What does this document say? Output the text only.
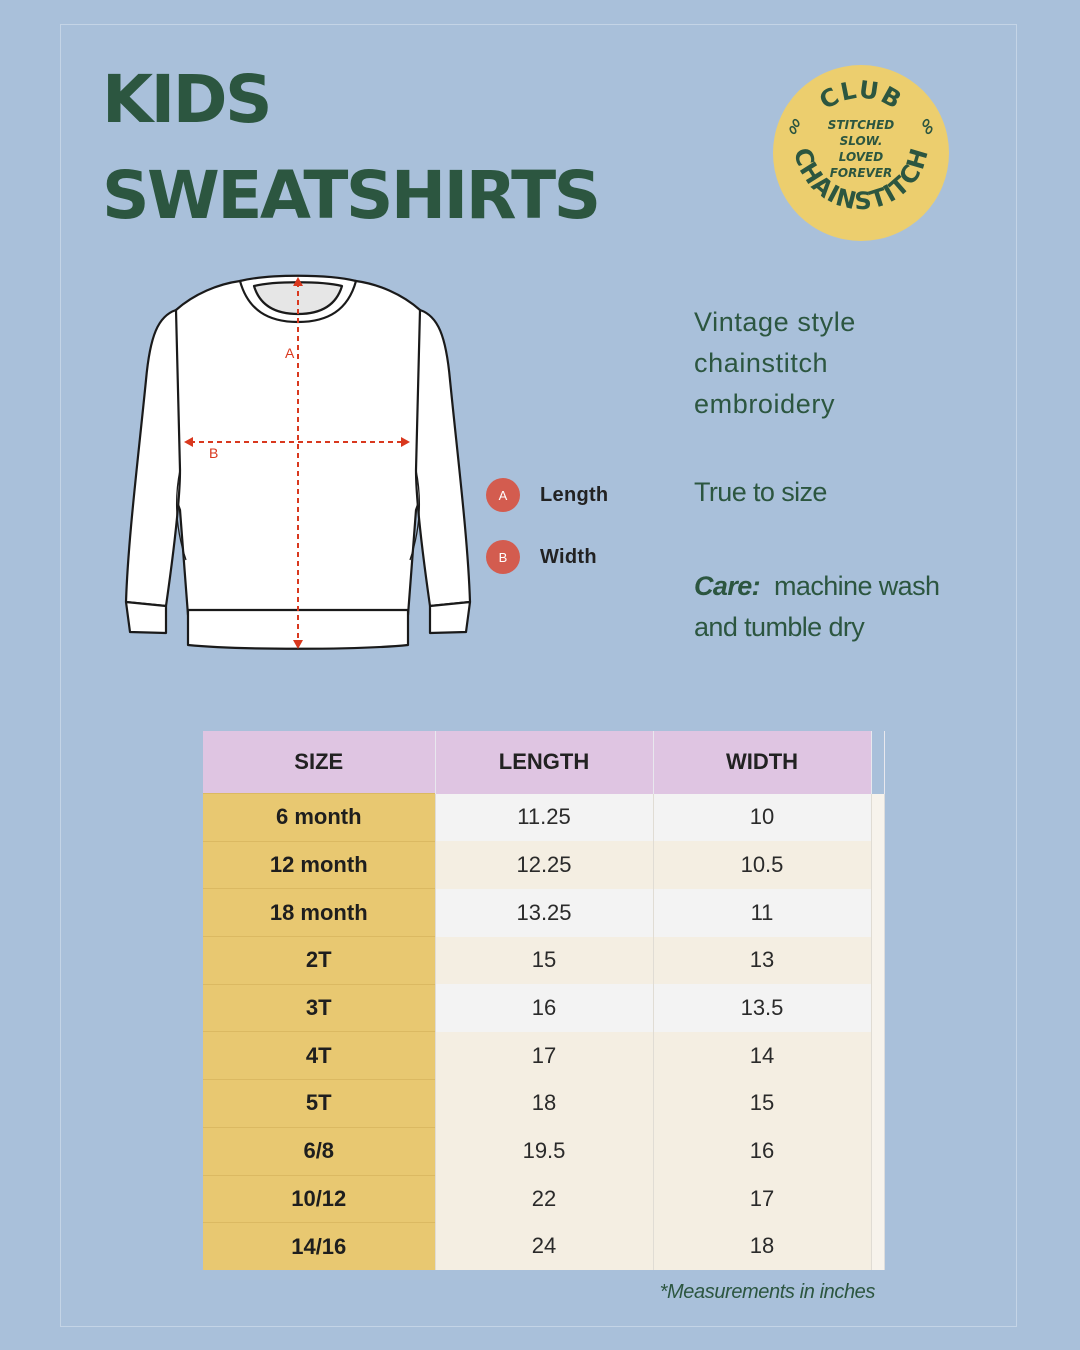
KIDS
SWEATSHIRTS
CLUB
CHAINSTITCH
STITCHED
SLOW.
LOVED
FOREVER
A
B
A	Length
B	Width
Vintage style chainstitch embroidery
True to size
Care: machine wash and tumble dry
SIZE	LENGTH	WIDTH	
6 month	11.25	10	
12 month	12.25	10.5	
18 month	13.25	11	
2T	15	13	
3T	16	13.5	
4T	17	14	
5T	18	15	
6/8	19.5	16	
10/12	22	17	
14/16	24	18	
*Measurements in inches
